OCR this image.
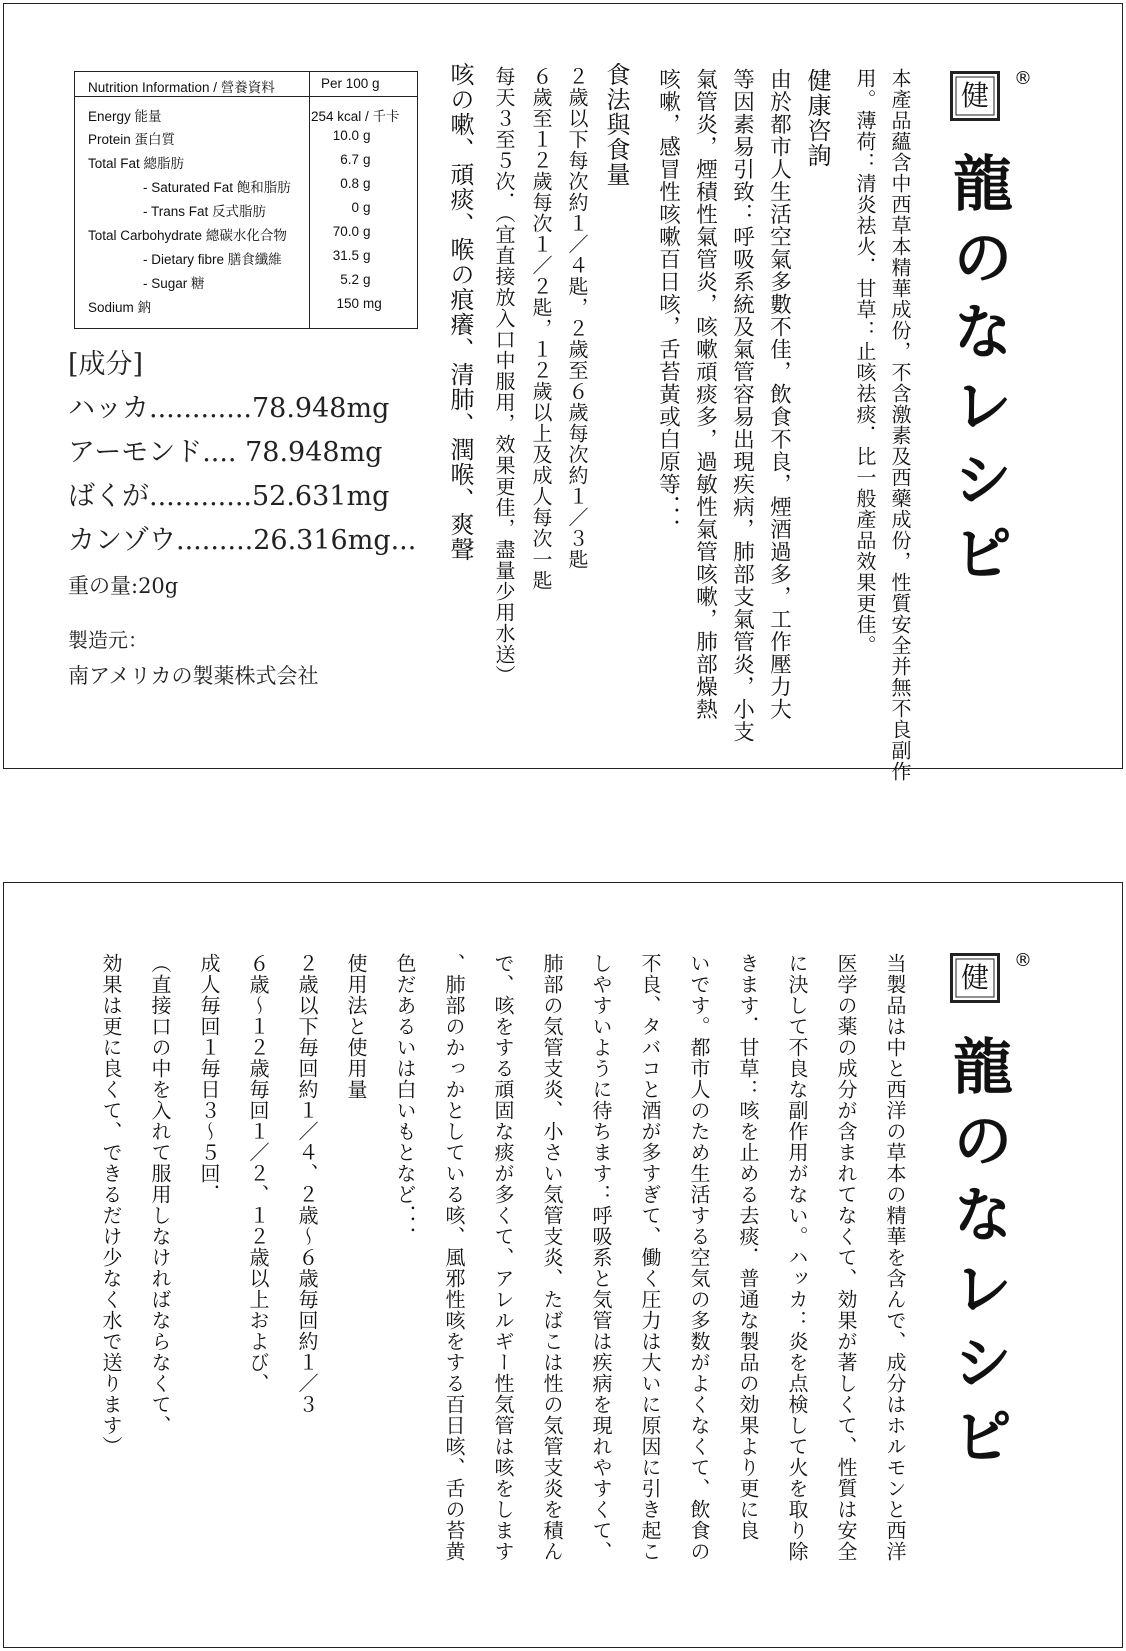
健
®
龍のなレシピ
本產品蘊含中西草本精華成份，不含激素及西藥成份，性質安全并無不良副作
用。薄荷：清炎祛火．甘草：止咳祛痰．比一般產品效果更佳。
健康咨詢
由於都市人生活空氣多數不佳，飲食不良，煙酒過多，工作壓力大
等因素易引致：呼吸系統及氣管容易出現疾病，肺部支氣管炎，小支
氣管炎，煙積性氣管炎，咳嗽頑痰多，過敏性氣管咳嗽，肺部燥熱
咳嗽，感冒性咳嗽百日咳，舌苔黃或白原等．．．
食法與食量
２歲以下每次約１／４匙，２歲至６歲每次約１／３匙
６歲至１２歲每次１／２匙，１２歲以上及成人每次一匙
每天３至５次．（宜直接放入口中服用，效果更佳，盡量少用水送）
咳の嗽、頑痰、喉の痕癢、清肺、潤喉、爽聲
Nutrition Information / 營養資料	Per 100 g
Energy 能量	254 kcal / 千卡
Protein 蛋白質	10.0 g
Total Fat 總脂肪	6.7 g
- Saturated Fat 飽和脂肪	0.8 g
- Trans Fat 反式脂肪	0 g
Total Carbohydrate 總碳水化合物	70.0 g
- Dietary fibre 膳食纖維	31.5 g
- Sugar 糖	5.2 g
Sodium 鈉	150 mg
[成分]
ハッカ............78.948mg
アーモンド.... 78.948mg
ばくが............52.631mg
カンゾウ.........26.316mg...
重の量:20g
製造元：
南アメリカの製薬株式会社
健
®
龍のなレシピ
当製品は中と西洋の草本の精華を含んで、成分はホルモンと西洋
医学の薬の成分が含まれてなくて、効果が著しくて、性質は安全
に決して不良な副作用がない。ハッカ：炎を点検して火を取り除
きます．甘草：咳を止める去痰．普通な製品の効果より更に良
いです。都市人のため生活する空気の多数がよくなくて、飲食の
不良、タバコと酒が多すぎて、働く圧力は大いに原因に引き起こ
しやすいように待ちます：呼吸系と気管は疾病を現れやすくて、
肺部の気管支炎、小さい気管支炎、たばこは性の気管支炎を積ん
で、咳をする頑固な痰が多くて、アレルギー性気管は咳をします
、肺部のかっかとしている咳、風邪性咳をする百日咳、舌の苔黄
色だあるいは白いもとなど．．．
使用法と使用量
２歳以下毎回約１／４、２歳～６歳毎回約１／３
６歳～１２歳毎回１／２、１２歳以上および、
成人毎回１毎日３～５回．
（直接口の中を入れて服用しなければならなくて、
効果は更に良くて、できるだけ少なく水で送ります）
